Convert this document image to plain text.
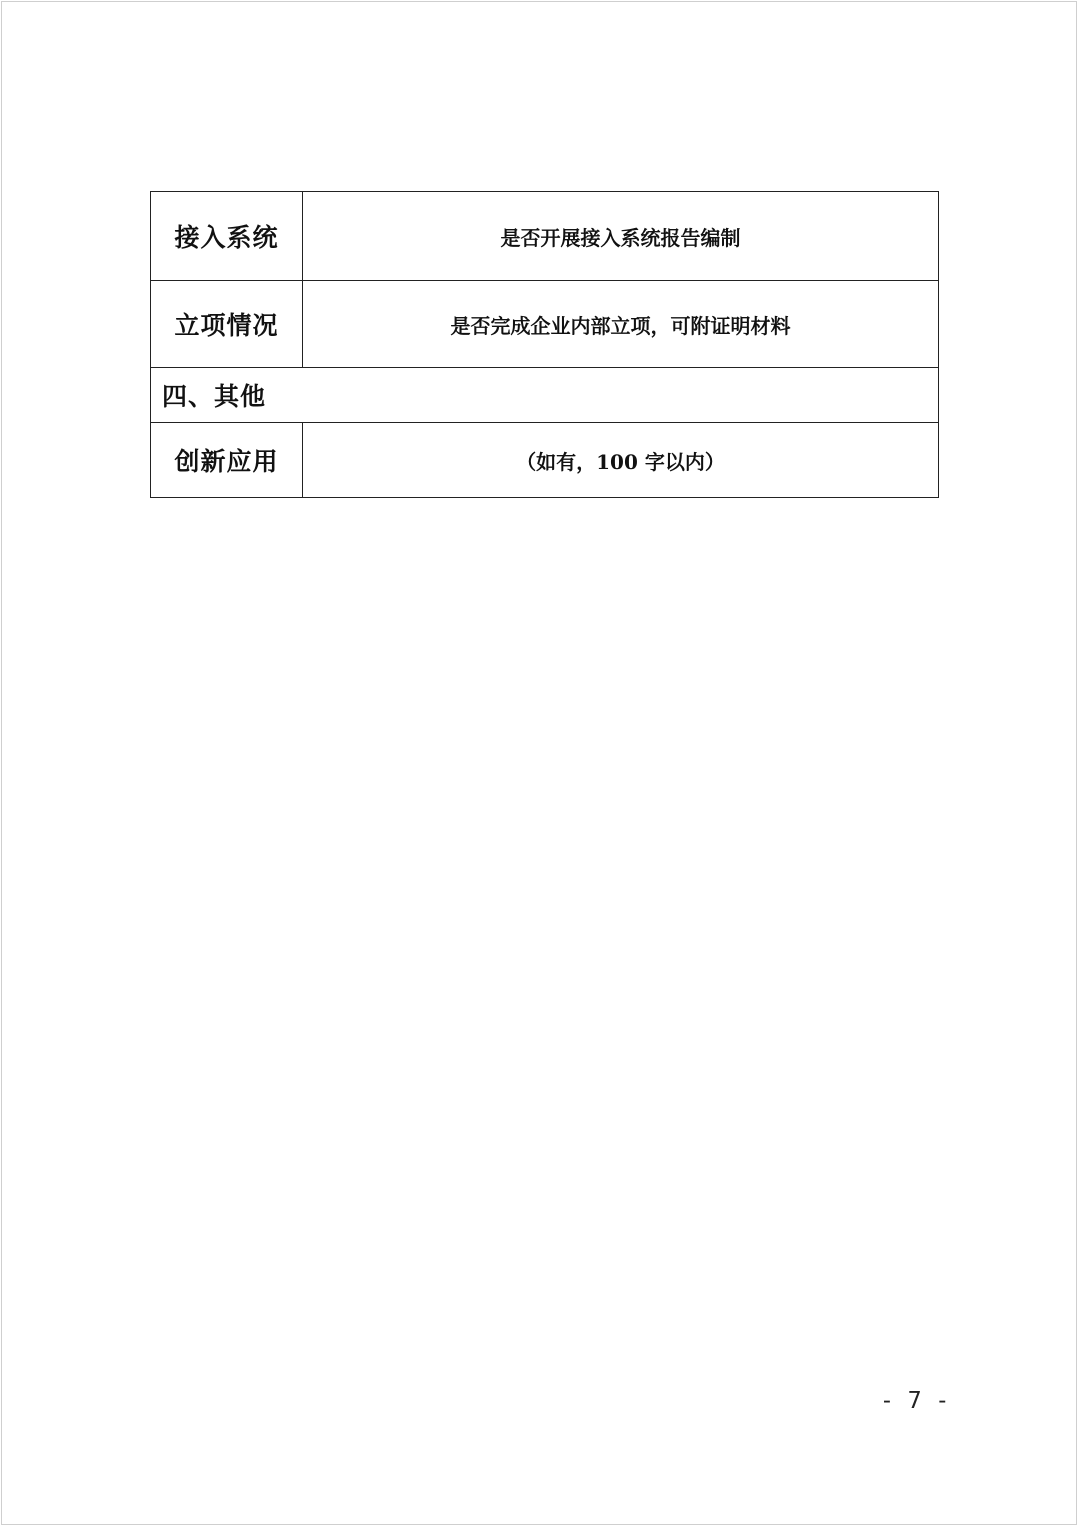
接入系统	是否开展接入系统报告编制
立项情况	是否完成企业内部立项，可附证明材料
四、其他	
创新应用	（如有，100 字以内）
- 7 -
